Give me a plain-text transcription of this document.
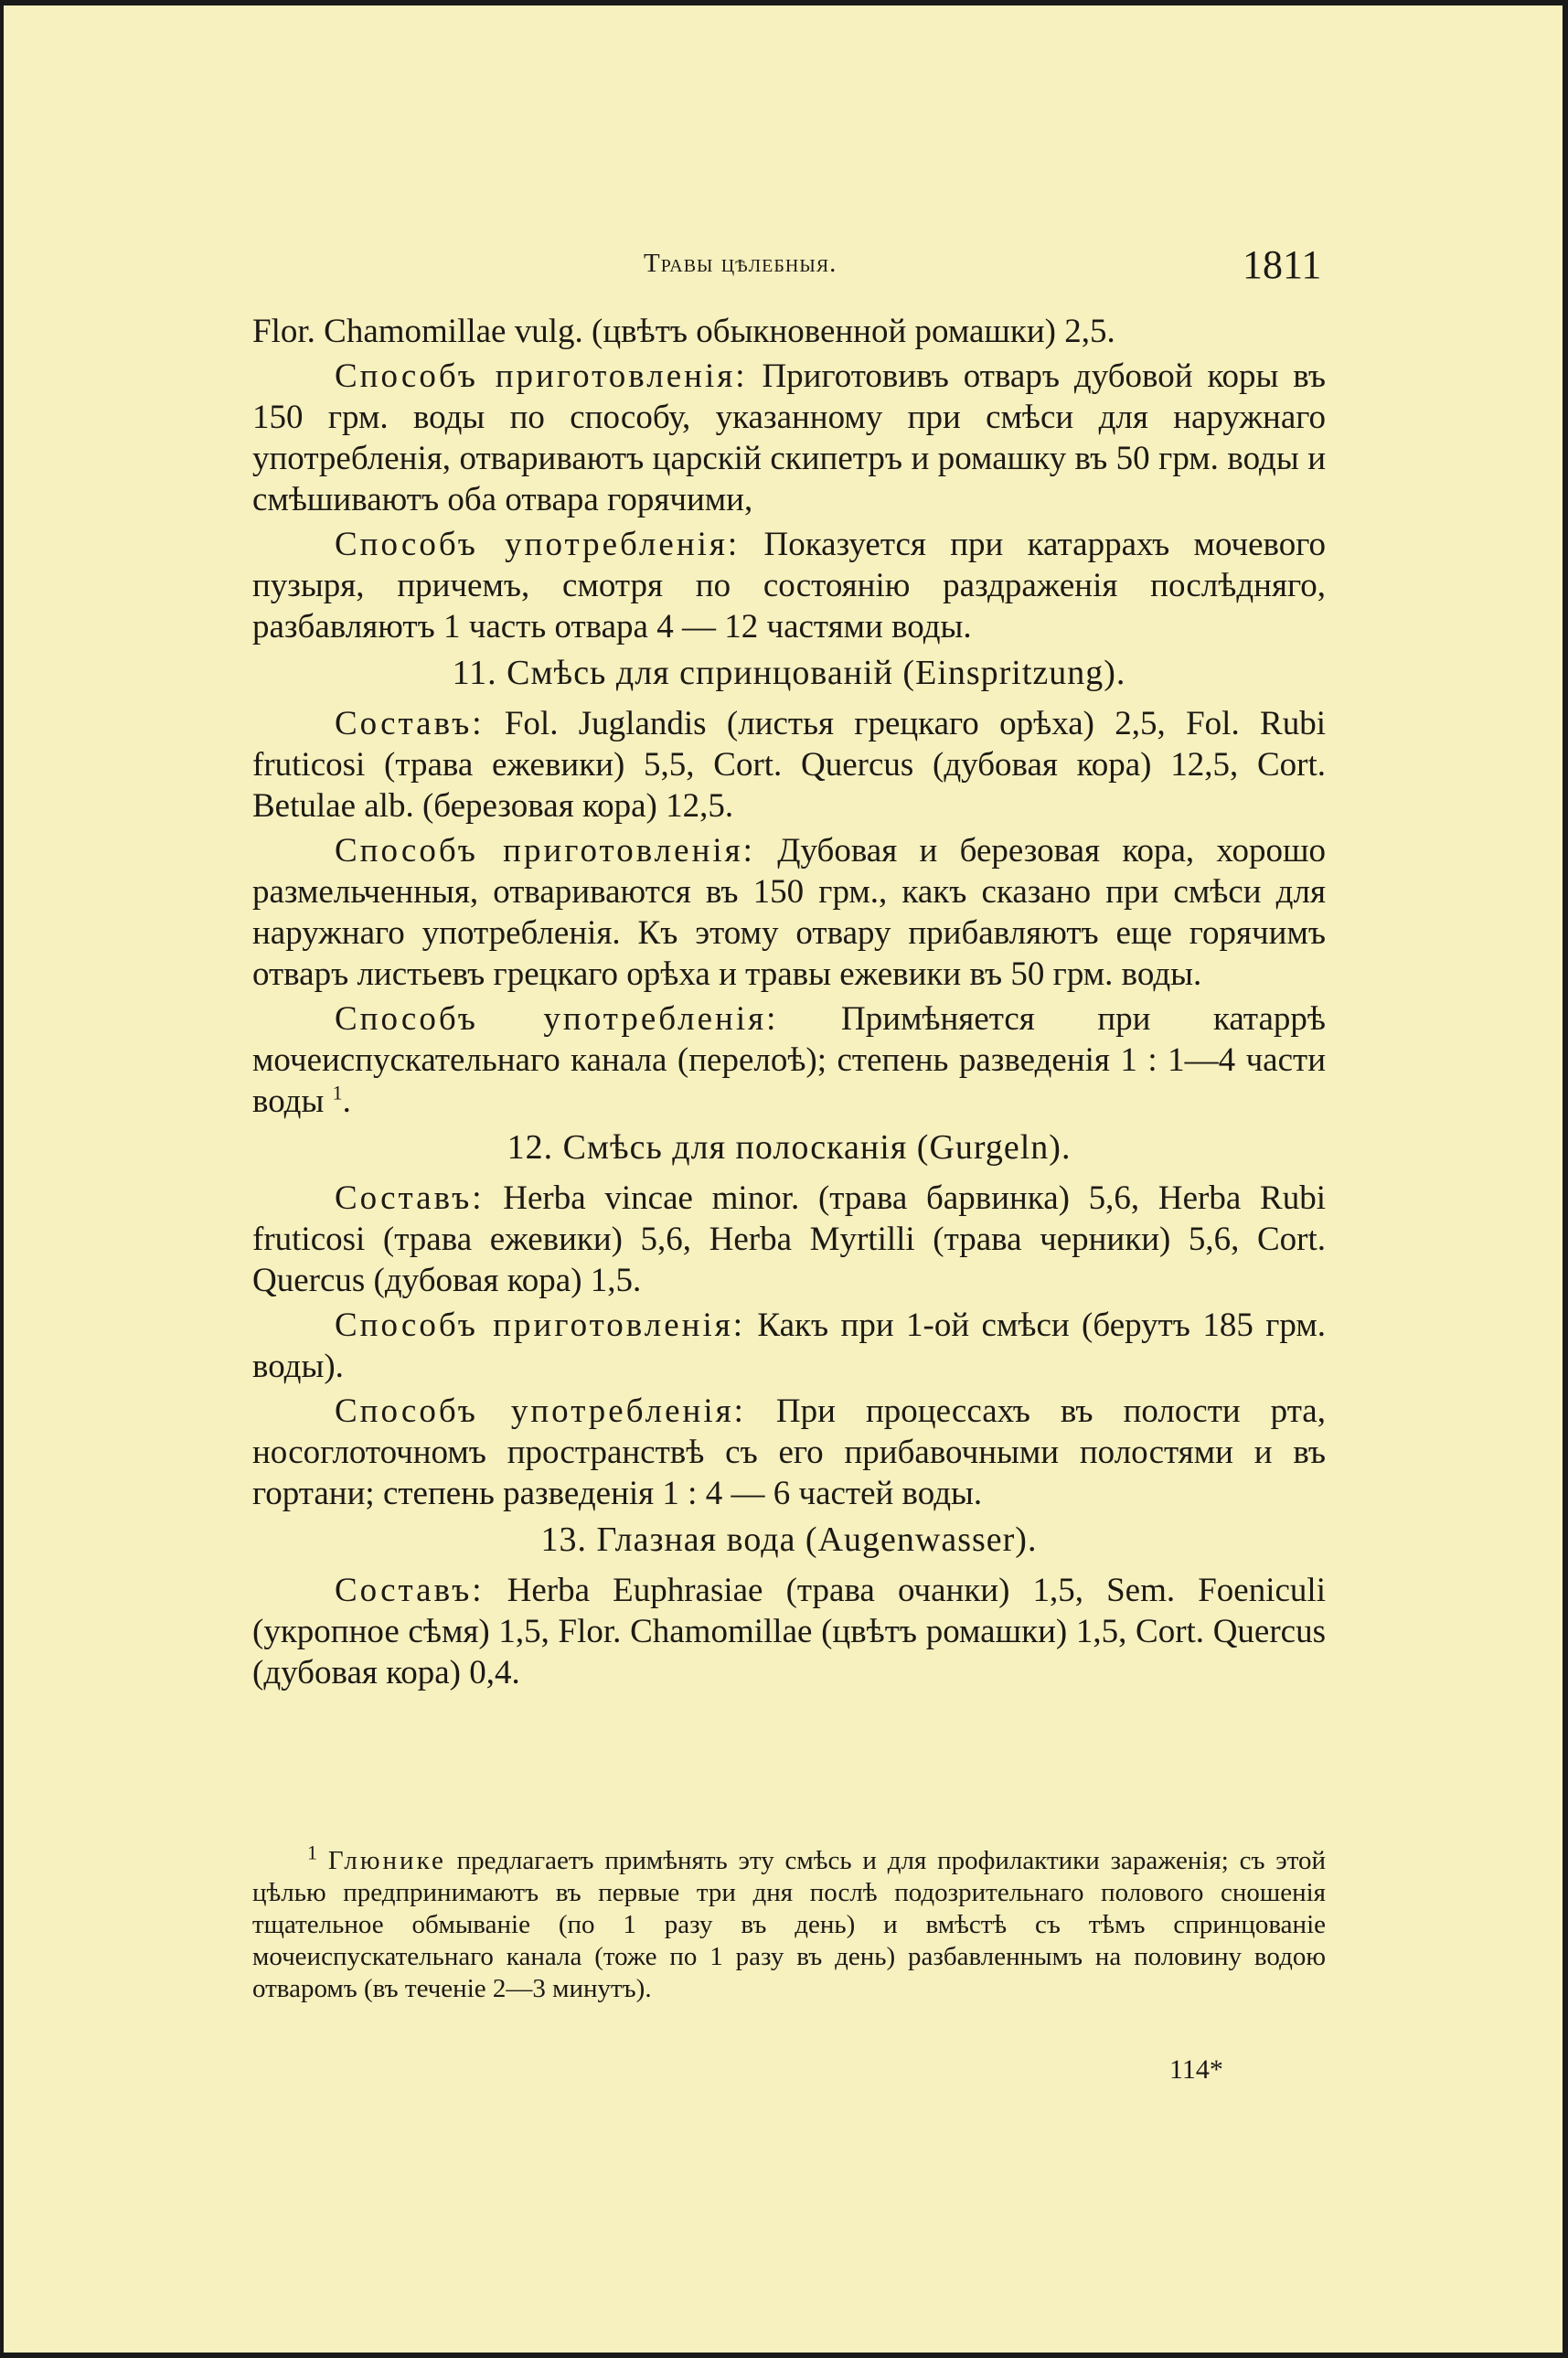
Травы цѣлебныя.	1811

Flor. Chamomillae vulg. (цвѣтъ обыкновенной ромашки) 2,5.

Способъ приготовленія: Приготовивъ отваръ дубовой коры въ 150 грм. воды по способу, указанному при смѣси для наружнаго употребленія, отвариваютъ царскій скипетръ и ромашку въ 50 грм. воды и смѣшиваютъ оба отвара горячими,

Способъ употребленія: Показуется при катаррахъ мочевого пузыря, причемъ, смотря по состоянію раздраженія послѣдняго, разбавляютъ 1 часть отвара 4 — 12 частями воды.

11. Смѣсь для спринцованій (Einspritzung).

Составъ: Fol. Juglandis (листья грецкаго орѣха) 2,5, Fol. Rubi fruticosi (трава ежевики) 5,5, Cort. Quercus (дубовая кора) 12,5, Cort. Betulae alb. (березовая кора) 12,5.

Способъ приготовленія: Дубовая и березовая кора, хорошо размельченныя, отвариваются въ 150 грм., какъ сказано при смѣси для наружнаго употребленія. Къ этому отвару прибавляютъ еще горячимъ отваръ листьевъ грецкаго орѣха и травы ежевики въ 50 грм. воды.

Способъ употребленія: Примѣняется при катаррѣ мочеиспускательнаго канала (перелоѣ); степень разведенія 1 : 1—4 части воды $^1$.

12. Смѣсь для полосканія (Gurgeln).

Составъ: Herba vincae minor. (трава барвинка) 5,6, Herba Rubi fruticosi (трава ежевики) 5,6, Herba Myrtilli (трава черники) 5,6, Cort. Quercus (дубовая кора) 1,5.

Способъ приготовленія: Какъ при 1-ой смѣси (берутъ 185 грм. воды).

Способъ употребленія: При процессахъ въ полости рта, носоглоточномъ пространствѣ съ его прибавочными полостями и въ гортани; степень разведенія 1 : 4 — 6 частей воды.

13. Глазная вода (Augenwasser).

Составъ: Herba Euphrasiae (трава очанки) 1,5, Sem. Foeniculi (укропное сѣмя) 1,5, Flor. Chamomillae (цвѣтъ ромашки) 1,5, Cort. Quercus (дубовая кора) 0,4.

$^1$ Глюнике предлагаетъ примѣнять эту смѣсь и для профилактики зараженія; съ этой цѣлью предпринимаютъ въ первые три дня послѣ подозрительнаго полового сношенія тщательное обмываніе (по 1 разу въ день) и вмѣстѣ съ тѣмъ спринцованіе мочеиспускательнаго канала (тоже по 1 разу въ день) разбавленнымъ на половину водою отваромъ (въ теченіе 2—3 минутъ).

114*
